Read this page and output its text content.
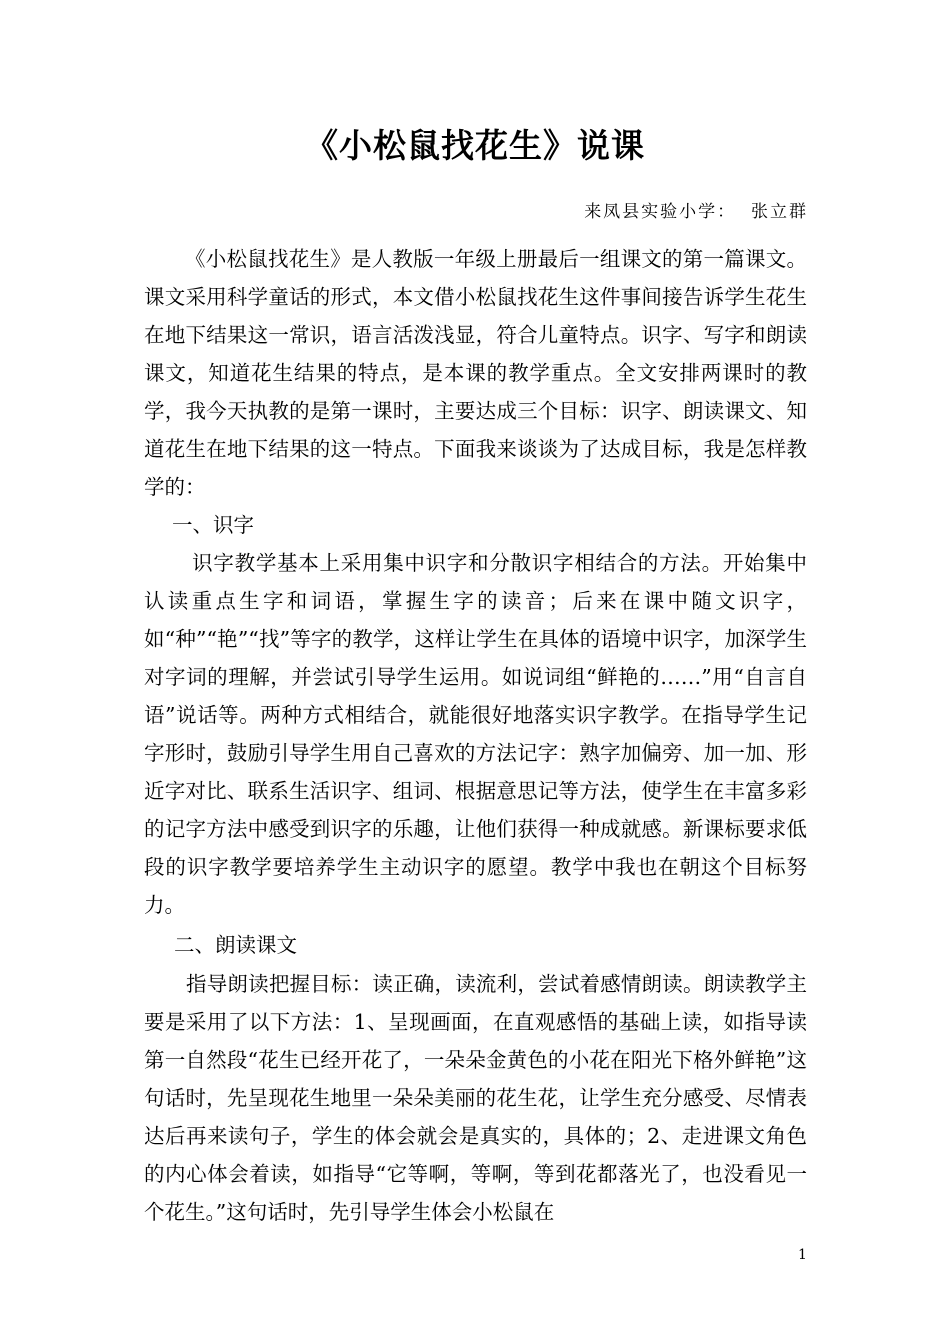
《小松鼠找花生》说课
来凤县实验小学：  张立群

《小松鼠找花生》是人教版一年级上册最后一组课文的第一篇课文。课文采用科学童话的形式，本文借小松鼠找花生这件事间接告诉学生花生在地下结果这一常识，语言活泼浅显，符合儿童特点。识字、写字和朗读课文，知道花生结果的特点，是本课的教学重点。全文安排两课时的教学，我今天执教的是第一课时，主要达成三个目标：识字、朗读课文、知道花生在地下结果的这一特点。下面我来谈谈为了达成目标，我是怎样教学的：

一、识字

识字教学基本上采用集中识字和分散识字相结合的方法。开始集中认读重点生字和词语，掌握生字的读音；后来在课中随文识字，如“种”“艳”“找”等字的教学，这样让学生在具体的语境中识字，加深学生对字词的理解，并尝试引导学生运用。如说词组“鲜艳的……”用“自言自语”说话等。两种方式相结合，就能很好地落实识字教学。在指导学生记字形时，鼓励引导学生用自己喜欢的方法记字：熟字加偏旁、加一加、形近字对比、联系生活识字、组词、根据意思记等方法，使学生在丰富多彩的记字方法中感受到识字的乐趣，让他们获得一种成就感。新课标要求低段的识字教学要培养学生主动识字的愿望。教学中我也在朝这个目标努力。

二、朗读课文

指导朗读把握目标：读正确，读流利，尝试着感情朗读。朗读教学主要是采用了以下方法：1、呈现画面，在直观感悟的基础上读，如指导读第一自然段“花生已经开花了，一朵朵金黄色的小花在阳光下格外鲜艳”这句话时，先呈现花生地里一朵朵美丽的花生花，让学生充分感受、尽情表达后再来读句子，学生的体会就会是真实的，具体的；2、走进课文角色的内心体会着读，如指导“它等啊，等啊，等到花都落光了，也没看见一个花生。”这句话时，先引导学生体会小松鼠在

1
